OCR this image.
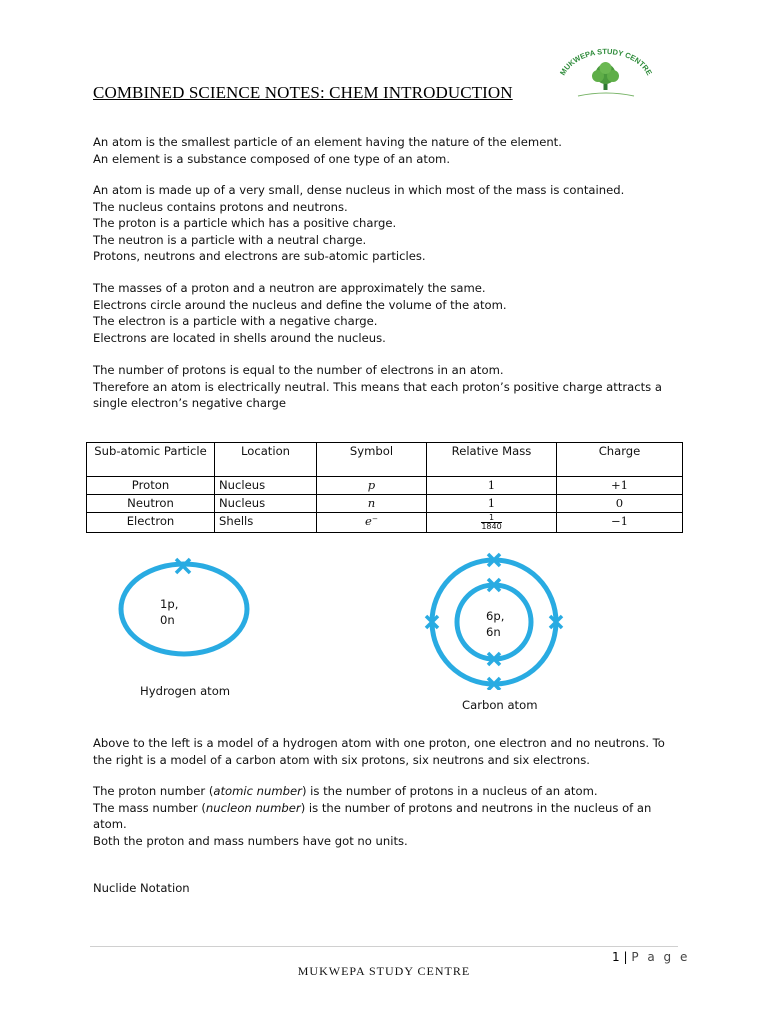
COMBINED SCIENCE NOTES: CHEM INTRODUCTION
MUKWEPA STUDY CENTRE

An atom is the smallest particle of an element having the nature of the element.
An element is a substance composed of one type of an atom.

An atom is made up of a very small, dense nucleus in which most of the mass is contained.
The nucleus contains protons and neutrons.
The proton is a particle which has a positive charge.
The neutron is a particle with a neutral charge.
Protons, neutrons and electrons are sub-atomic particles.

The masses of a proton and a neutron are approximately the same.
Electrons circle around the nucleus and define the volume of the atom.
The electron is a particle with a negative charge.
Electrons are located in shells around the nucleus.

The number of protons is equal to the number of electrons in an atom.
Therefore an atom is electrically neutral. This means that each proton’s positive charge attracts a single electron’s negative charge

Sub-atomic Particle	Location	Symbol	Relative Mass	Charge
Proton	Nucleus	p	1	+1
Neutron	Nucleus	n	1	0
Electron	Shells	e⁻	$\frac{1}{1840}$	−1

1p,
0n

Hydrogen atom

6p,
6n

Carbon atom

Above to the left is a model of a hydrogen atom with one proton, one electron and no neutrons. To the right is a model of a carbon atom with six protons, six neutrons and six electrons.

The proton number (atomic number) is the number of protons in a nucleus of an atom.
The mass number (nucleon number) is the number of protons and neutrons in the nucleus of an atom.
Both the proton and mass numbers have got no units.

Nuclide Notation

1 | P a g e
MUKWEPA STUDY CENTRE
